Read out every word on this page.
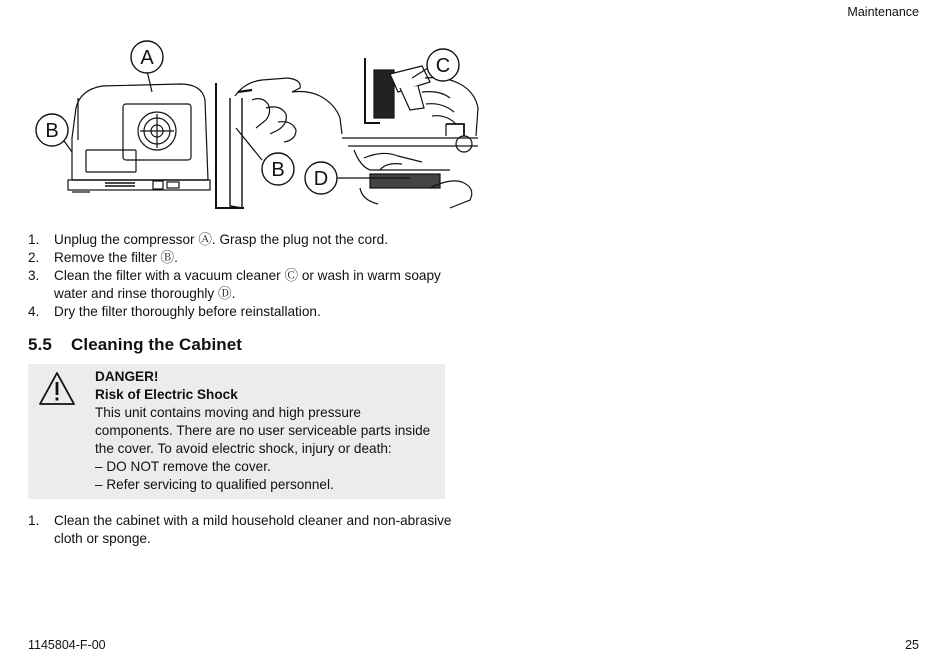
Maintenance
A
B
B
C
D
1. Unplug the compressor Ⓐ. Grasp the plug not the cord.
2. Remove the filter Ⓑ.
3. Clean the filter with a vacuum cleaner Ⓒ or wash in warm soapy water and rinse thoroughly Ⓓ.
4. Dry the filter thoroughly before reinstallation.
5.5 Cleaning the Cabinet
DANGER!
Risk of Electric Shock
This unit contains moving and high pressure components. There are no user serviceable parts inside the cover. To avoid electric shock, injury or death:
– DO NOT remove the cover.
– Refer servicing to qualified personnel.
1. Clean the cabinet with a mild household cleaner and non-abrasive cloth or sponge.
1145804-F-00	25
